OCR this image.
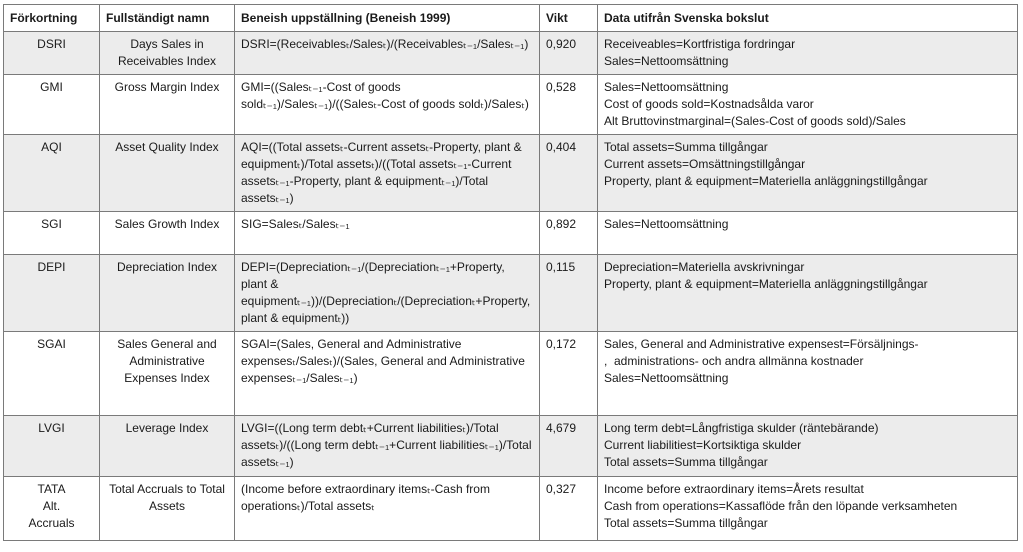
Förkortning	Fullständigt namn	Beneish uppställning (Beneish 1999)	Vikt	Data utifrån Svenska bokslut
DSRI	Days Sales in Receivables Index	DSRI=(Receivablesₜ/Salesₜ)/(Receivablesₜ₋₁/Salesₜ₋₁)	0,920	Receiveables=Kortfristiga fordringar
Sales=Nettoomsättning

GMI	Gross Margin Index	GMI=((Salesₜ₋₁-Cost of goods soldₜ₋₁)/Salesₜ₋₁)/((Salesₜ-Cost of goods soldₜ)/Salesₜ)	0,528	Sales=Nettoomsättning
Cost of goods sold=Kostnadsålda varor
Alt Bruttovinstmarginal=(Sales-Cost of goods sold)/Sales

AQI	Asset Quality Index	AQI=((Total assetsₜ-Current assetsₜ-Property, plant & equipmentₜ)/Total assetsₜ)/((Total assetsₜ₋₁-Current assetsₜ₋₁-Property, plant & equipmentₜ₋₁)/Total assetsₜ₋₁)	0,404	Total assets=Summa tillgångar
Current assets=Omsättningstillgångar
Property, plant & equipment=Materiella anläggningstillgångar

SGI	Sales Growth Index	SIG=Salesₜ/Salesₜ₋₁	0,892	Sales=Nettoomsättning

DEPI	Depreciation Index	DEPI=(Depreciationₜ₋₁/(Depreciationₜ₋₁+Property, plant & equipmentₜ₋₁))/(Depreciationₜ/(Depreciationₜ+Property, plant & equipmentₜ))	0,115	Depreciation=Materiella avskrivningar
Property, plant & equipment=Materiella anläggningstillgångar

SGAI	Sales General and Administrative Expenses Index	SGAI=(Sales, General and Administrative expensesₜ/Salesₜ)/(Sales, General and Administrative expensesₜ₋₁/Salesₜ₋₁)	0,172	Sales, General and Administrative expensest=Försäljnings-
,  administrations- och andra allmänna kostnader
Sales=Nettoomsättning

LVGI	Leverage Index	LVGI=((Long term debtₜ+Current liabilitiesₜ)/Total assetsₜ)/((Long term debtₜ₋₁+Current liabilitiesₜ₋₁)/Total assetsₜ₋₁)	4,679	Long term debt=Långfristiga skulder (räntebärande)
Current liabilitiest=Kortsiktiga skulder
Total assets=Summa tillgångar

TATA
Alt.
Accruals	Total Accruals to Total Assets	(Income before extraordinary itemsₜ-Cash from operationsₜ)/Total assetsₜ	0,327	Income before extraordinary items=Årets resultat
Cash from operations=Kassaflöde från den löpande verksamheten
Total assets=Summa tillgångar
